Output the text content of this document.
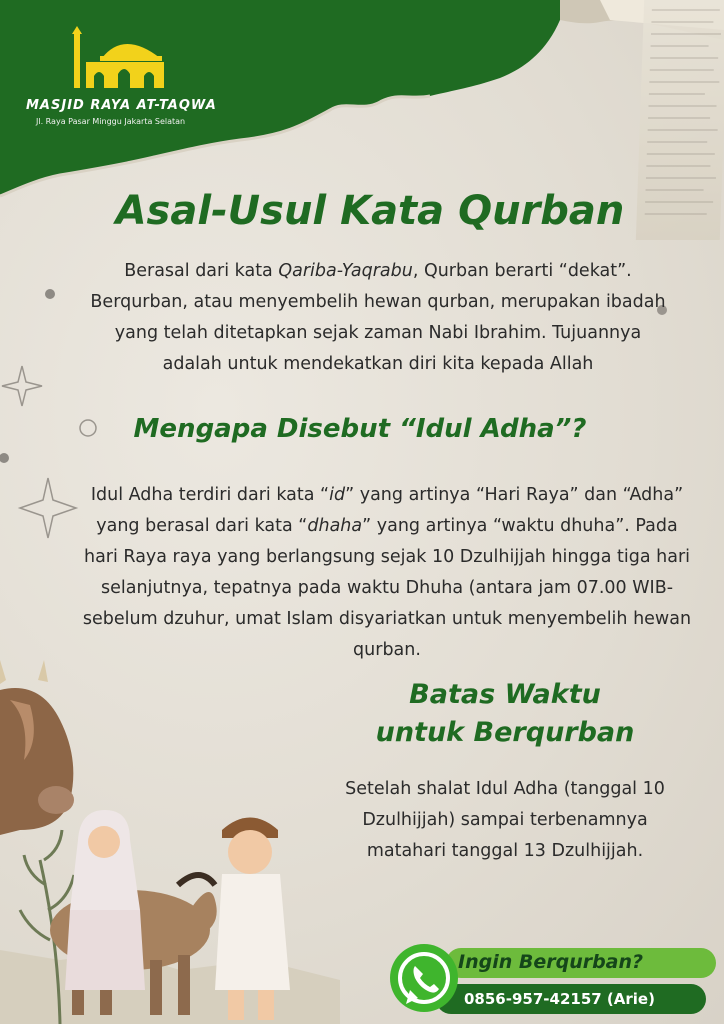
MASJID RAYA AT-TAQWA
Jl. Raya Pasar Minggu Jakarta Selatan
Asal-Usul Kata Qurban

Berasal dari kata Qariba-Yaqrabu, Qurban berarti “dekat”. Berqurban, atau menyembelih hewan qurban, merupakan ibadah yang telah ditetapkan sejak zaman Nabi Ibrahim. Tujuannya adalah untuk mendekatkan diri kita kepada Allah

Mengapa Disebut “Idul Adha”?

Idul Adha terdiri dari kata “id” yang artinya “Hari Raya” dan “Adha” yang berasal dari kata “dhaha” yang artinya “waktu dhuha”. Pada hari Raya raya yang berlangsung sejak 10 Dzulhijjah hingga tiga hari selanjutnya, tepatnya pada waktu Dhuha (antara jam 07.00 WIB- sebelum dzuhur, umat Islam disyariatkan untuk menyembelih hewan qurban.

Batas Waktu
untuk Berqurban

Setelah shalat Idul Adha (tanggal 10 Dzulhijjah) sampai terbenamnya matahari tanggal 13 Dzulhijjah.

Ingin Berqurban?
0856-957-42157 (Arie)
